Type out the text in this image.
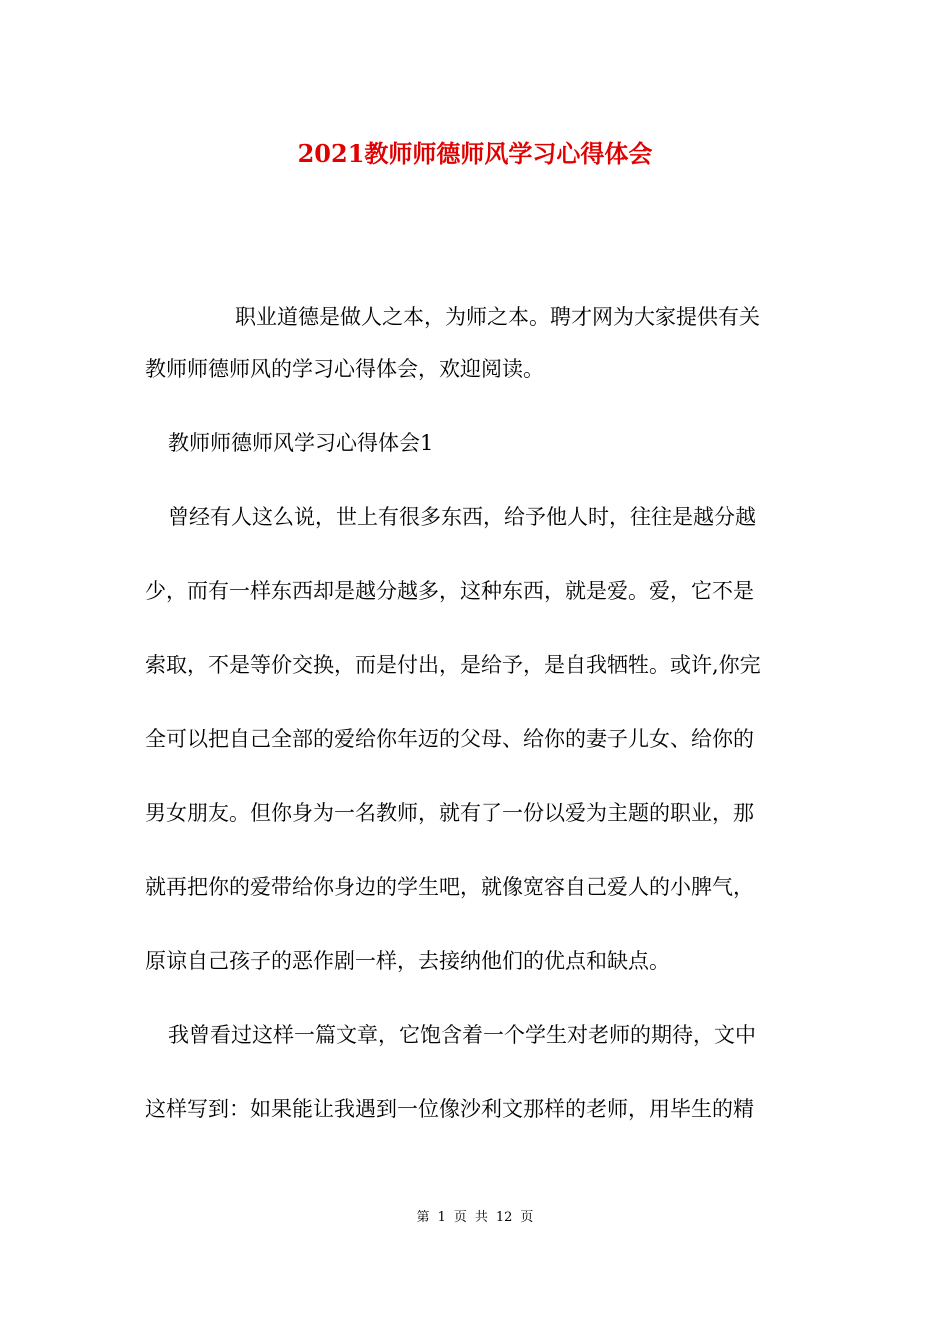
2021教师师德师风学习心得体会
职业道德是做人之本，为师之本。聘才网为大家提供有关
教师师德师风的学习心得体会，欢迎阅读。
教师师德师风学习心得体会1
曾经有人这么说，世上有很多东西，给予他人时，往往是越分越
少，而有一样东西却是越分越多，这种东西，就是爱。爱，它不是
索取，不是等价交换，而是付出，是给予，是自我牺牲。或许,你完
全可以把自己全部的爱给你年迈的父母、给你的妻子儿女、给你的
男女朋友。但你身为一名教师，就有了一份以爱为主题的职业，那
就再把你的爱带给你身边的学生吧，就像宽容自己爱人的小脾气，
原谅自己孩子的恶作剧一样，去接纳他们的优点和缺点。
我曾看过这样一篇文章，它饱含着一个学生对老师的期待，文中
这样写到：如果能让我遇到一位像沙利文那样的老师，用毕生的精
第 1 页 共 12 页
